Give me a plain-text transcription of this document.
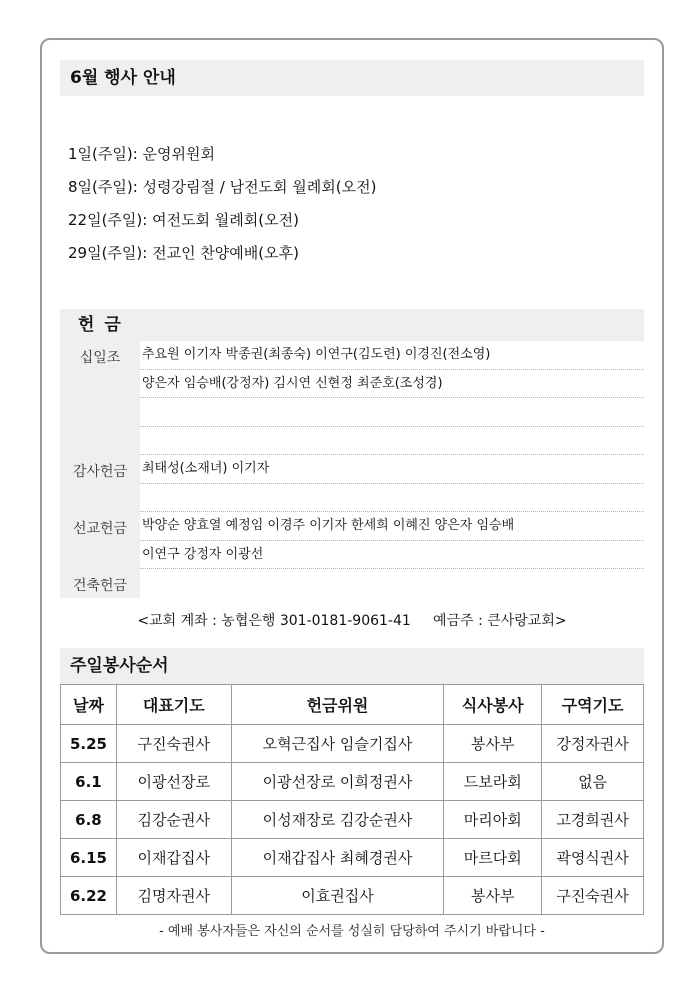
6월 행사 안내
1일(주일): 운영위원회
8일(주일): 성령강림절 / 남전도회 월례회(오전)
22일(주일): 여전도회 월례회(오전)
29일(주일): 전교인 찬양예배(오후)
헌 금
십일조	추요원 이기자 박종권(최종숙) 이연구(김도련) 이경진(전소영)
양은자 임승배(강정자) 김시연 신현정 최준호(조성경)
감사헌금	최태성(소재녀) 이기자
선교헌금	박양순 양효열 예정임 이경주 이기자 한세희 이혜진 양은자 임승배
이연구 강정자 이광선
건축헌금
<교회 계좌 : 농협은행 301-0181-9061-41     예금주 : 큰사랑교회>
주일봉사순서
날짜	대표기도	헌금위원	식사봉사	구역기도
5.25	구진숙권사	오혁근집사 임슬기집사	봉사부	강정자권사
6.1	이광선장로	이광선장로 이희정권사	드보라회	없음
6.8	김강순권사	이성재장로 김강순권사	마리아회	고경희권사
6.15	이재갑집사	이재갑집사 최혜경권사	마르다회	곽영식권사
6.22	김명자권사	이효권집사	봉사부	구진숙권사
- 예배 봉사자들은 자신의 순서를 성실히 담당하여 주시기 바랍니다 -
